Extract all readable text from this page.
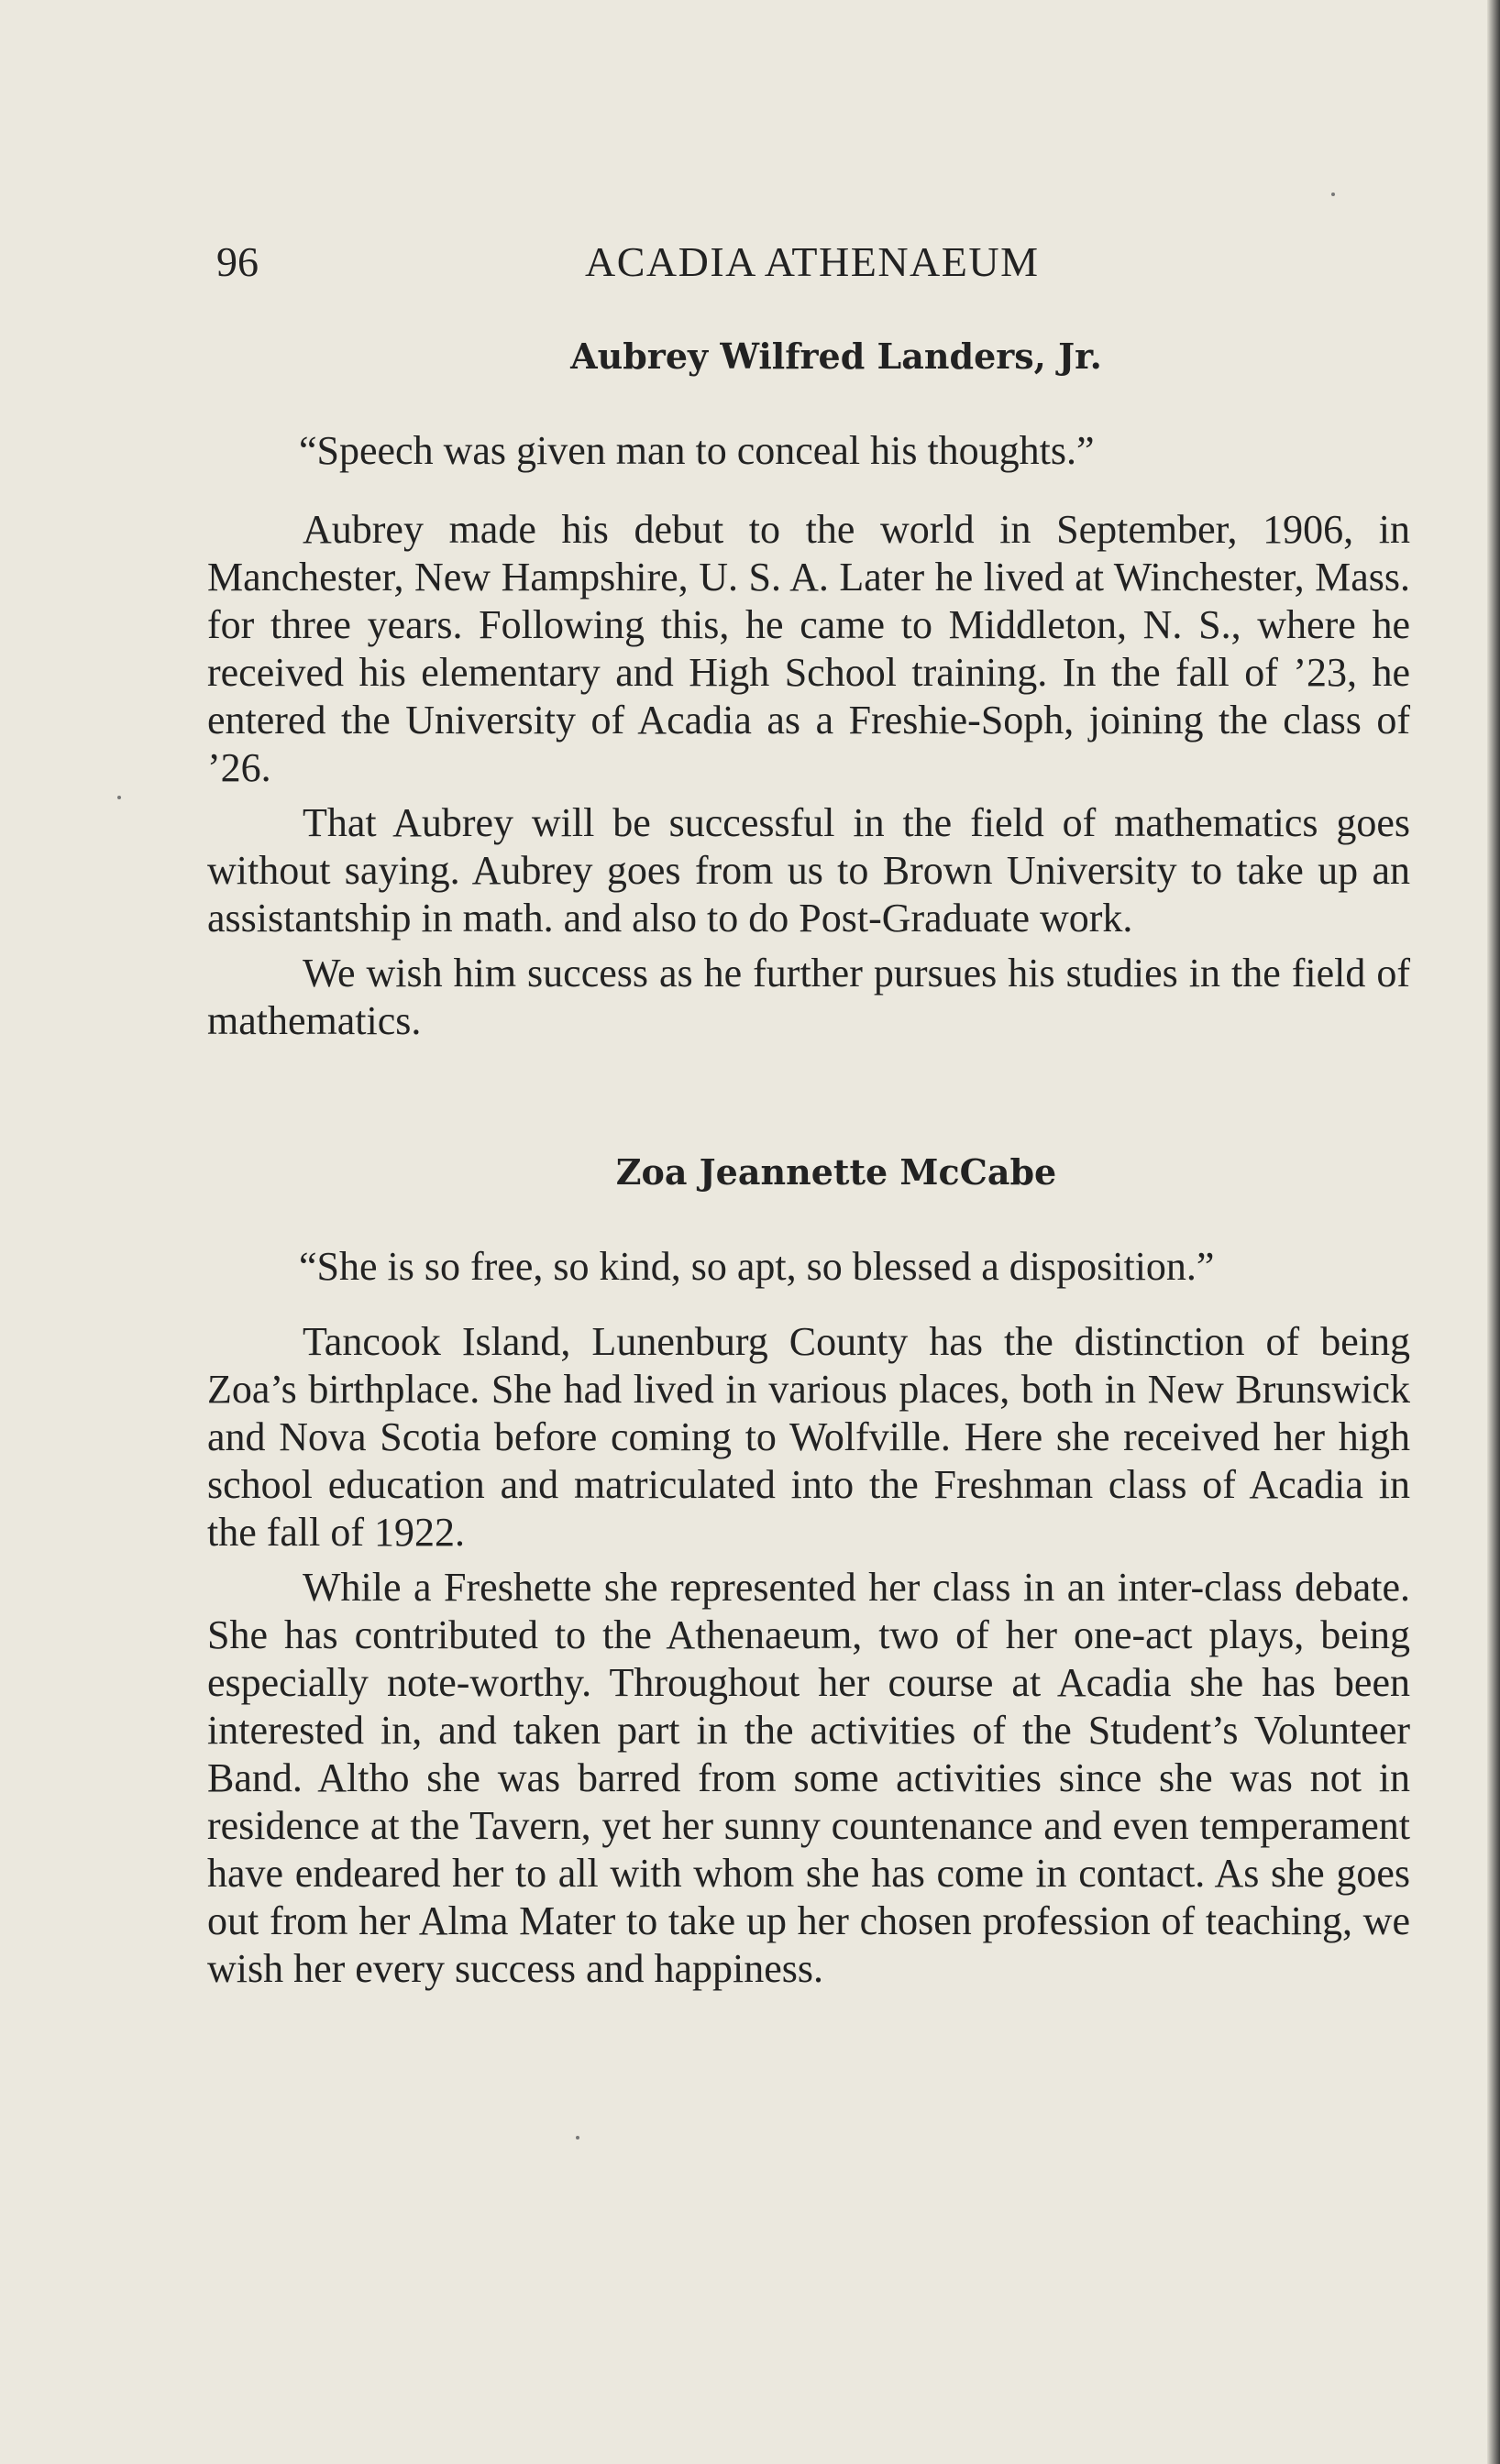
96	ACADIA ATHENAEUM
Aubrey Wilfred Landers, Jr.

“Speech was given man to conceal his thoughts.”

Aubrey made his debut to the world in September, 1906, in Manchester, New Hampshire, U. S. A. Later he lived at Winchester, Mass. for three years. Following this, he came to Middleton, N. S., where he received his elementary and High School training. In the fall of ’23, he entered the University of Acadia as a Freshie-Soph, joining the class of ’26.

That Aubrey will be successful in the field of mathematics goes without saying. Aubrey goes from us to Brown University to take up an assistantship in math. and also to do Post-Graduate work.

We wish him success as he further pursues his studies in the field of mathematics.

Zoa Jeannette McCabe

“She is so free, so kind, so apt, so blessed a disposition.”

Tancook Island, Lunenburg County has the distinction of being Zoa’s birthplace. She had lived in various places, both in New Brunswick and Nova Scotia before coming to Wolfville. Here she received her high school education and matriculated into the Freshman class of Acadia in the fall of 1922.

While a Freshette she represented her class in an inter-class debate. She has contributed to the Athenaeum, two of her one-act plays, being especially note-worthy. Throughout her course at Acadia she has been interested in, and taken part in the activities of the Student’s Volunteer Band. Altho she was barred from some activities since she was not in residence at the Tavern, yet her sunny countenance and even temperament have endeared her to all with whom she has come in contact. As she goes out from her Alma Mater to take up her chosen profession of teaching, we wish her every success and happiness.
